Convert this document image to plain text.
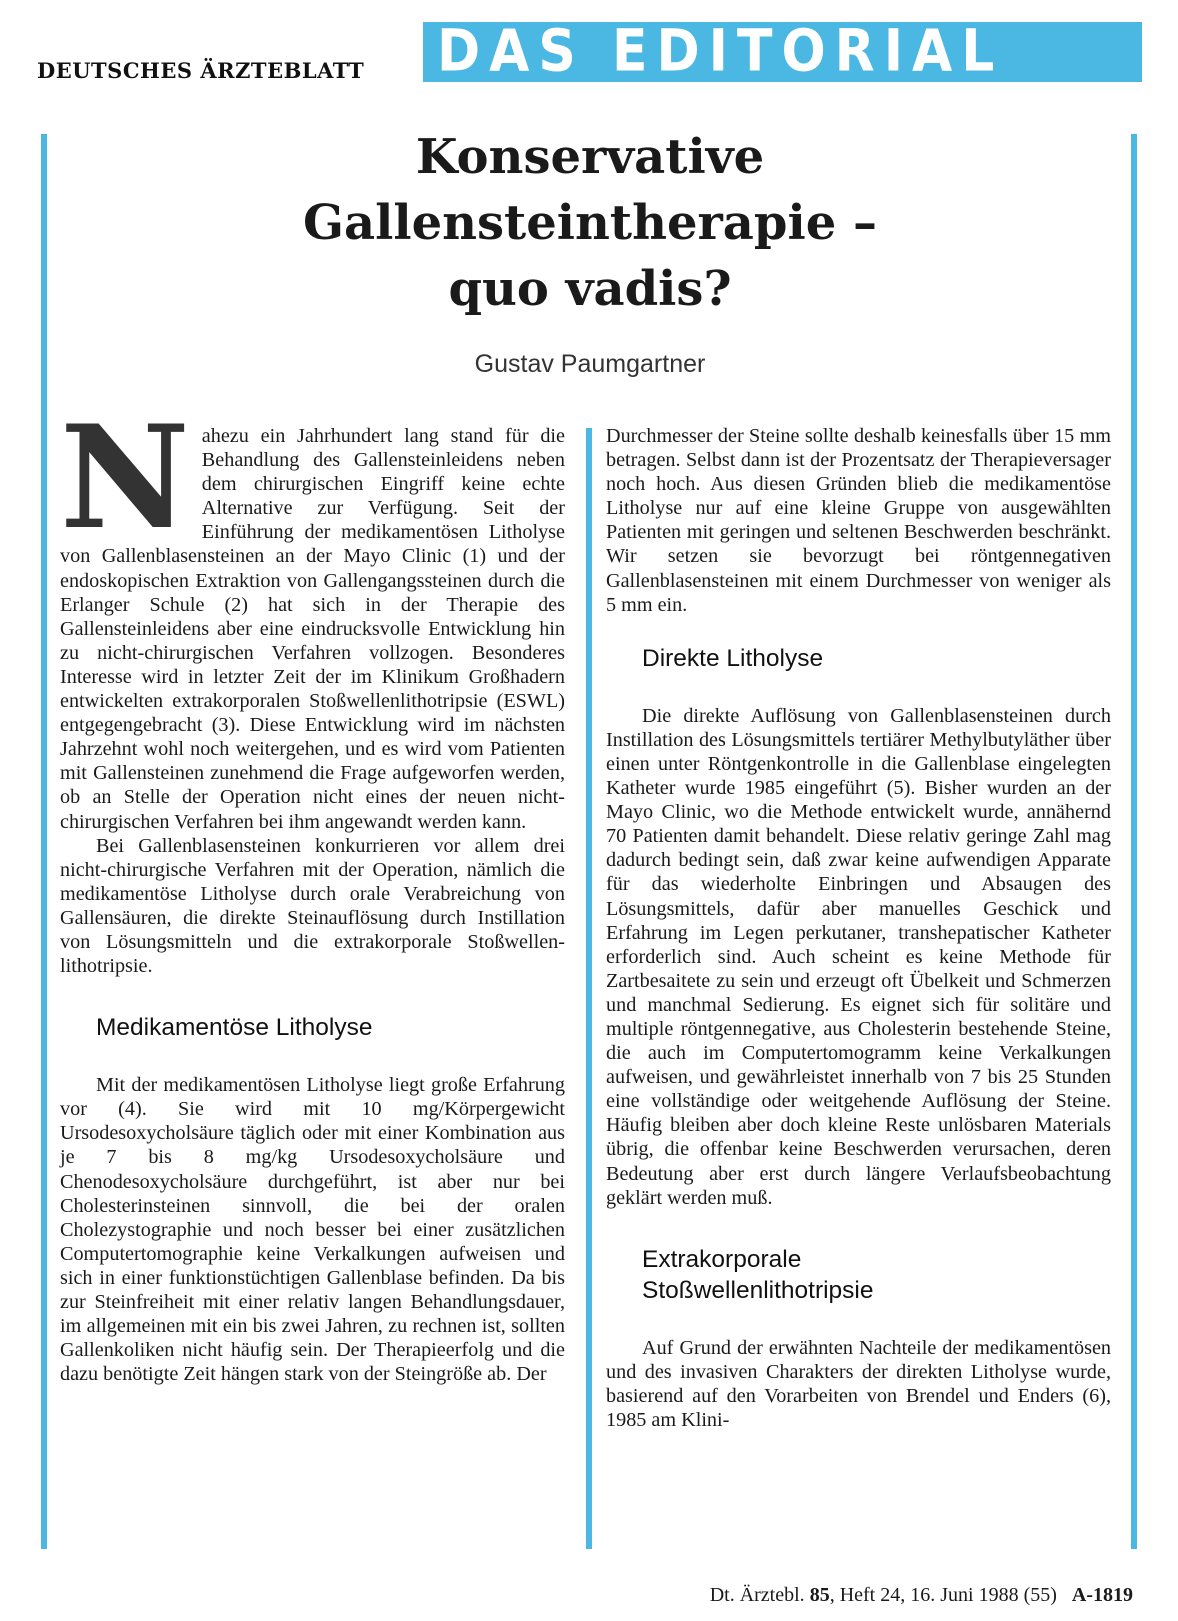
DEUTSCHES ÄRZTEBLATT DAS EDITORIAL
Konservative
Gallensteintherapie –
quo vadis?
Gustav Paumgartner

Nahezu ein Jahrhundert lang stand für die Behandlung des Gallensteinleidens neben dem chirurgischen Eingriff keine echte Alternative zur Verfügung. Seit der Einführung der medikamentösen Litholyse von Gallenblasensteinen an der Mayo Clinic (1) und der endoskopischen Extraktion von Gallengangssteinen durch die Erlanger Schule (2) hat sich in der Therapie des Gallensteinleidens aber eine eindrucksvolle Entwicklung hin zu nicht-chirurgischen Verfahren vollzogen. Besonderes Interesse wird in letzter Zeit der im Klinikum Großhadern entwickelten extrakorporalen Stoßwellenlithotripsie (ESWL) entgegengebracht (3). Diese Entwicklung wird im nächsten Jahrzehnt wohl noch weitergehen, und es wird vom Patienten mit Gallensteinen zunehmend die Frage aufgeworfen werden, ob an Stelle der Operation nicht eines der neuen nicht-chirurgischen Verfahren bei ihm angewandt werden kann.

Bei Gallenblasensteinen konkurrieren vor allem drei nicht-chirurgische Verfahren mit der Operation, nämlich die medikamentöse Litholyse durch orale Verabreichung von Gallensäuren, die direkte Steinauflösung durch Instillation von Lösungsmitteln und die extrakorporale Stoßwellenlithotripsie.

Medikamentöse Litholyse

Mit der medikamentösen Litholyse liegt große Erfahrung vor (4). Sie wird mit 10 mg/Körpergewicht Ursodesoxycholsäure täglich oder mit einer Kombination aus je 7 bis 8 mg/kg Ursodesoxycholsäure und Chenodesoxycholsäure durchgeführt, ist aber nur bei Cholesterinsteinen sinnvoll, die bei der oralen Cholezystographie und noch besser bei einer zusätzlichen Computertomographie keine Verkalkungen aufweisen und sich in einer funktionstüchtigen Gallenblase befinden. Da bis zur Steinfreiheit mit einer relativ langen Behandlungsdauer, im allgemeinen mit ein bis zwei Jahren, zu rechnen ist, sollten Gallenkoliken nicht häufig sein. Der Therapieerfolg und die dazu benötigte Zeit hängen stark von der Steingröße ab. Der

Durchmesser der Steine sollte deshalb keinesfalls über 15 mm betragen. Selbst dann ist der Prozentsatz der Therapieversager noch hoch. Aus diesen Gründen blieb die medikamentöse Litholyse nur auf eine kleine Gruppe von ausgewählten Patienten mit geringen und seltenen Beschwerden beschränkt. Wir setzen sie bevorzugt bei röntgennegativen Gallenblasensteinen mit einem Durchmesser von weniger als 5 mm ein.

Direkte Litholyse

Die direkte Auflösung von Gallenblasensteinen durch Instillation des Lösungsmittels tertiärer Methylbutyläther über einen unter Röntgenkontrolle in die Gallenblase eingelegten Katheter wurde 1985 eingeführt (5). Bisher wurden an der Mayo Clinic, wo die Methode entwickelt wurde, annähernd 70 Patienten damit behandelt. Diese relativ geringe Zahl mag dadurch bedingt sein, daß zwar keine aufwendigen Apparate für das wiederholte Einbringen und Absaugen des Lösungsmittels, dafür aber manuelles Geschick und Erfahrung im Legen perkutaner, transhepatischer Katheter erforderlich sind. Auch scheint es keine Methode für Zartbesaitete zu sein und erzeugt oft Übelkeit und Schmerzen und manchmal Sedierung. Es eignet sich für solitäre und multiple röntgennegative, aus Cholesterin bestehende Steine, die auch im Computertomogramm keine Verkalkungen aufweisen, und gewährleistet innerhalb von 7 bis 25 Stunden eine vollständige oder weitgehende Auflösung der Steine. Häufig bleiben aber doch kleine Reste unlösbaren Materials übrig, die offenbar keine Beschwerden verursachen, deren Bedeutung aber erst durch längere Verlaufsbeobachtung geklärt werden muß.

Extrakorporale
Stoßwellenlithotripsie

Auf Grund der erwähnten Nachteile der medikamentösen und des invasiven Charakters der direkten Litholyse wurde, basierend auf den Vorarbeiten von Brendel und Enders (6), 1985 am Klini-

Dt. Ärztebl. 85, Heft 24, 16. Juni 1988 (55) A-1819
